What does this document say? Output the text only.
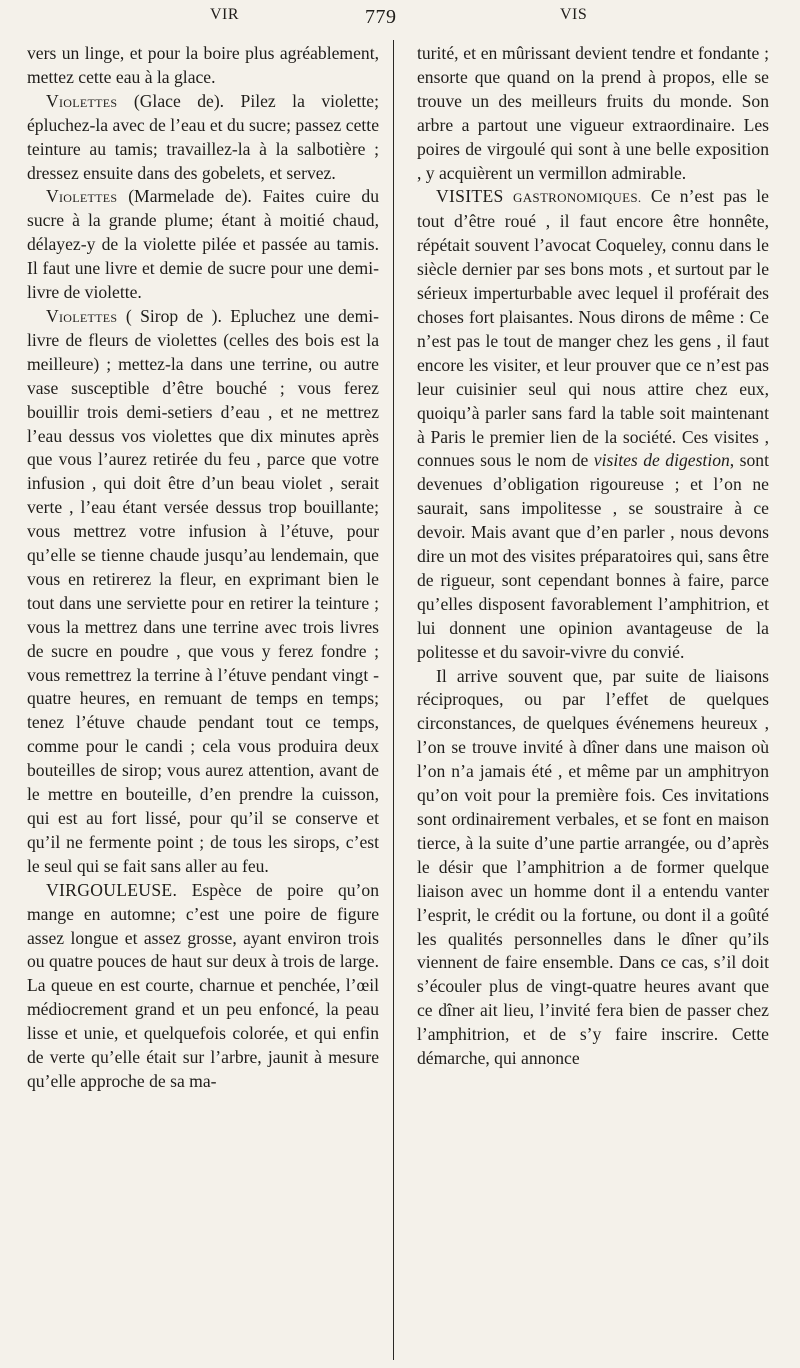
VIR	779	VIS

vers un linge, et pour la boire plus agréablement, mettez cette eau à la glace.

Violettes (Glace de). Pilez la violette; épluchez-la avec de l’eau et du sucre; passez cette teinture au tamis; travaillez-la à la salbotière ; dressez ensuite dans des gobelets, et servez.

Violettes (Marmelade de). Faites cuire du sucre à la grande plume; étant à moitié chaud, délayez-y de la violette pilée et passée au tamis. Il faut une livre et demie de sucre pour une demi-livre de violette.

Violettes ( Sirop de ). Epluchez une demi-livre de fleurs de violettes (celles des bois est la meilleure) ; mettez-la dans une terrine, ou autre vase susceptible d’être bouché ; vous ferez bouillir trois demi-setiers d’eau , et ne mettrez l’eau dessus vos violettes que dix minutes après que vous l’aurez retirée du feu , parce que votre infusion , qui doit être d’un beau violet , serait verte , l’eau étant versée dessus trop bouillante; vous mettrez votre infusion à l’étuve, pour qu’elle se tienne chaude jusqu’au lendemain, que vous en retirerez la fleur, en exprimant bien le tout dans une serviette pour en retirer la teinture ; vous la mettrez dans une terrine avec trois livres de sucre en poudre , que vous y ferez fondre ; vous remettrez la terrine à l’étuve pendant vingt - quatre heures, en remuant de temps en temps; tenez l’étuve chaude pendant tout ce temps, comme pour le candi ; cela vous produira deux bouteilles de sirop; vous aurez attention, avant de le mettre en bouteille, d’en prendre la cuisson, qui est au fort lissé, pour qu’il se conserve et qu’il ne fermente point ; de tous les sirops, c’est le seul qui se fait sans aller au feu.

VIRGOULEUSE. Espèce de poire qu’on mange en automne; c’est une poire de figure assez longue et assez grosse, ayant environ trois ou quatre pouces de haut sur deux à trois de large. La queue en est courte, charnue et penchée, l’œil médiocrement grand et un peu enfoncé, la peau lisse et unie, et quelquefois colorée, et qui enfin de verte qu’elle était sur l’arbre, jaunit à mesure qu’elle approche de sa ma-

turité, et en mûrissant devient tendre et fondante ; ensorte que quand on la prend à propos, elle se trouve un des meilleurs fruits du monde. Son arbre a partout une vigueur extraordinaire. Les poires de virgoulé qui sont à une belle exposition , y acquièrent un vermillon admirable.

VISITES GASTRONOMIQUES. Ce n’est pas le tout d’être roué , il faut encore être honnête, répétait souvent l’avocat Coqueley, connu dans le siècle dernier par ses bons mots , et surtout par le sérieux imperturbable avec lequel il proférait des choses fort plaisantes. Nous dirons de même : Ce n’est pas le tout de manger chez les gens , il faut encore les visiter, et leur prouver que ce n’est pas leur cuisinier seul qui nous attire chez eux, quoiqu’à parler sans fard la table soit maintenant à Paris le premier lien de la société. Ces visites , connues sous le nom de visites de digestion, sont devenues d’obligation rigoureuse ; et l’on ne saurait, sans impolitesse , se soustraire à ce devoir. Mais avant que d’en parler , nous devons dire un mot des visites préparatoires qui, sans être de rigueur, sont cependant bonnes à faire, parce qu’elles disposent favorablement l’amphitrion, et lui donnent une opinion avantageuse de la politesse et du savoir-vivre du convié.

Il arrive souvent que, par suite de liaisons réciproques, ou par l’effet de quelques circonstances, de quelques événemens heureux , l’on se trouve invité à dîner dans une maison où l’on n’a jamais été , et même par un amphitryon qu’on voit pour la première fois. Ces invitations sont ordinairement verbales, et se font en maison tierce, à la suite d’une partie arrangée, ou d’après le désir que l’amphitrion a de former quelque liaison avec un homme dont il a entendu vanter l’esprit, le crédit ou la fortune, ou dont il a goûté les qualités personnelles dans le dîner qu’ils viennent de faire ensemble. Dans ce cas, s’il doit s’écouler plus de vingt-quatre heures avant que ce dîner ait lieu, l’invité fera bien de passer chez l’amphitrion, et de s’y faire inscrire. Cette démarche, qui annonce
